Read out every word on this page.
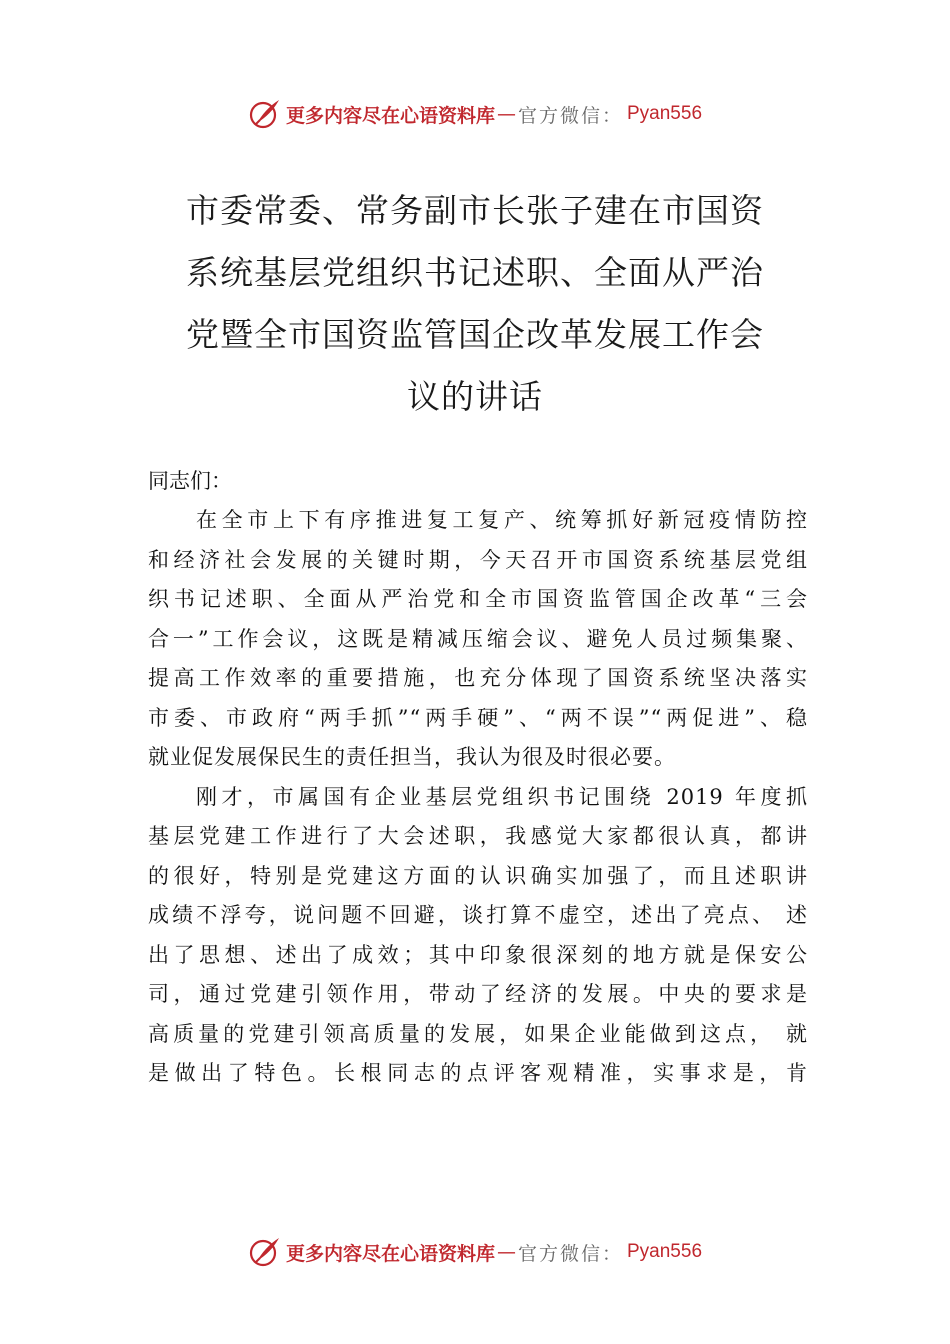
更多内容尽在心语资料库 — 官方微信： Pyan556
市委常委、常务副市长张子建在市国资
系统基层党组织书记述职、全面从严治
党暨全市国资监管国企改革发展工作会
议的讲话
同志们：
在全市上下有序推进复工复产、统筹抓好新冠疫情防控
和经济社会发展的关键时期，今天召开市国资系统基层党组
织书记述职、全面从严治党和全市国资监管国企改革“三会
合一”工作会议，这既是精减压缩会议、避免人员过频集聚、
提高工作效率的重要措施，也充分体现了国资系统坚决落实
市委、市政府“两手抓”“两手硬”、“两不误”“两促进”、稳
就业促发展保民生的责任担当，我认为很及时很必要。
刚才，市属国有企业基层党组织书记围绕 2019 年度抓
基层党建工作进行了大会述职，我感觉大家都很认真，都讲
的很好，特别是党建这方面的认识确实加强了，而且述职讲
成绩不浮夸，说问题不回避，谈打算不虚空，述出了亮点、 述
出了思想、述出了成效；其中印象很深刻的地方就是保安公
司，通过党建引领作用，带动了经济的发展。中央的要求是
高质量的党建引领高质量的发展，如果企业能做到这点， 就
是做出了特色。长根同志的点评客观精准，实事求是，肯
更多内容尽在心语资料库 — 官方微信： Pyan556
